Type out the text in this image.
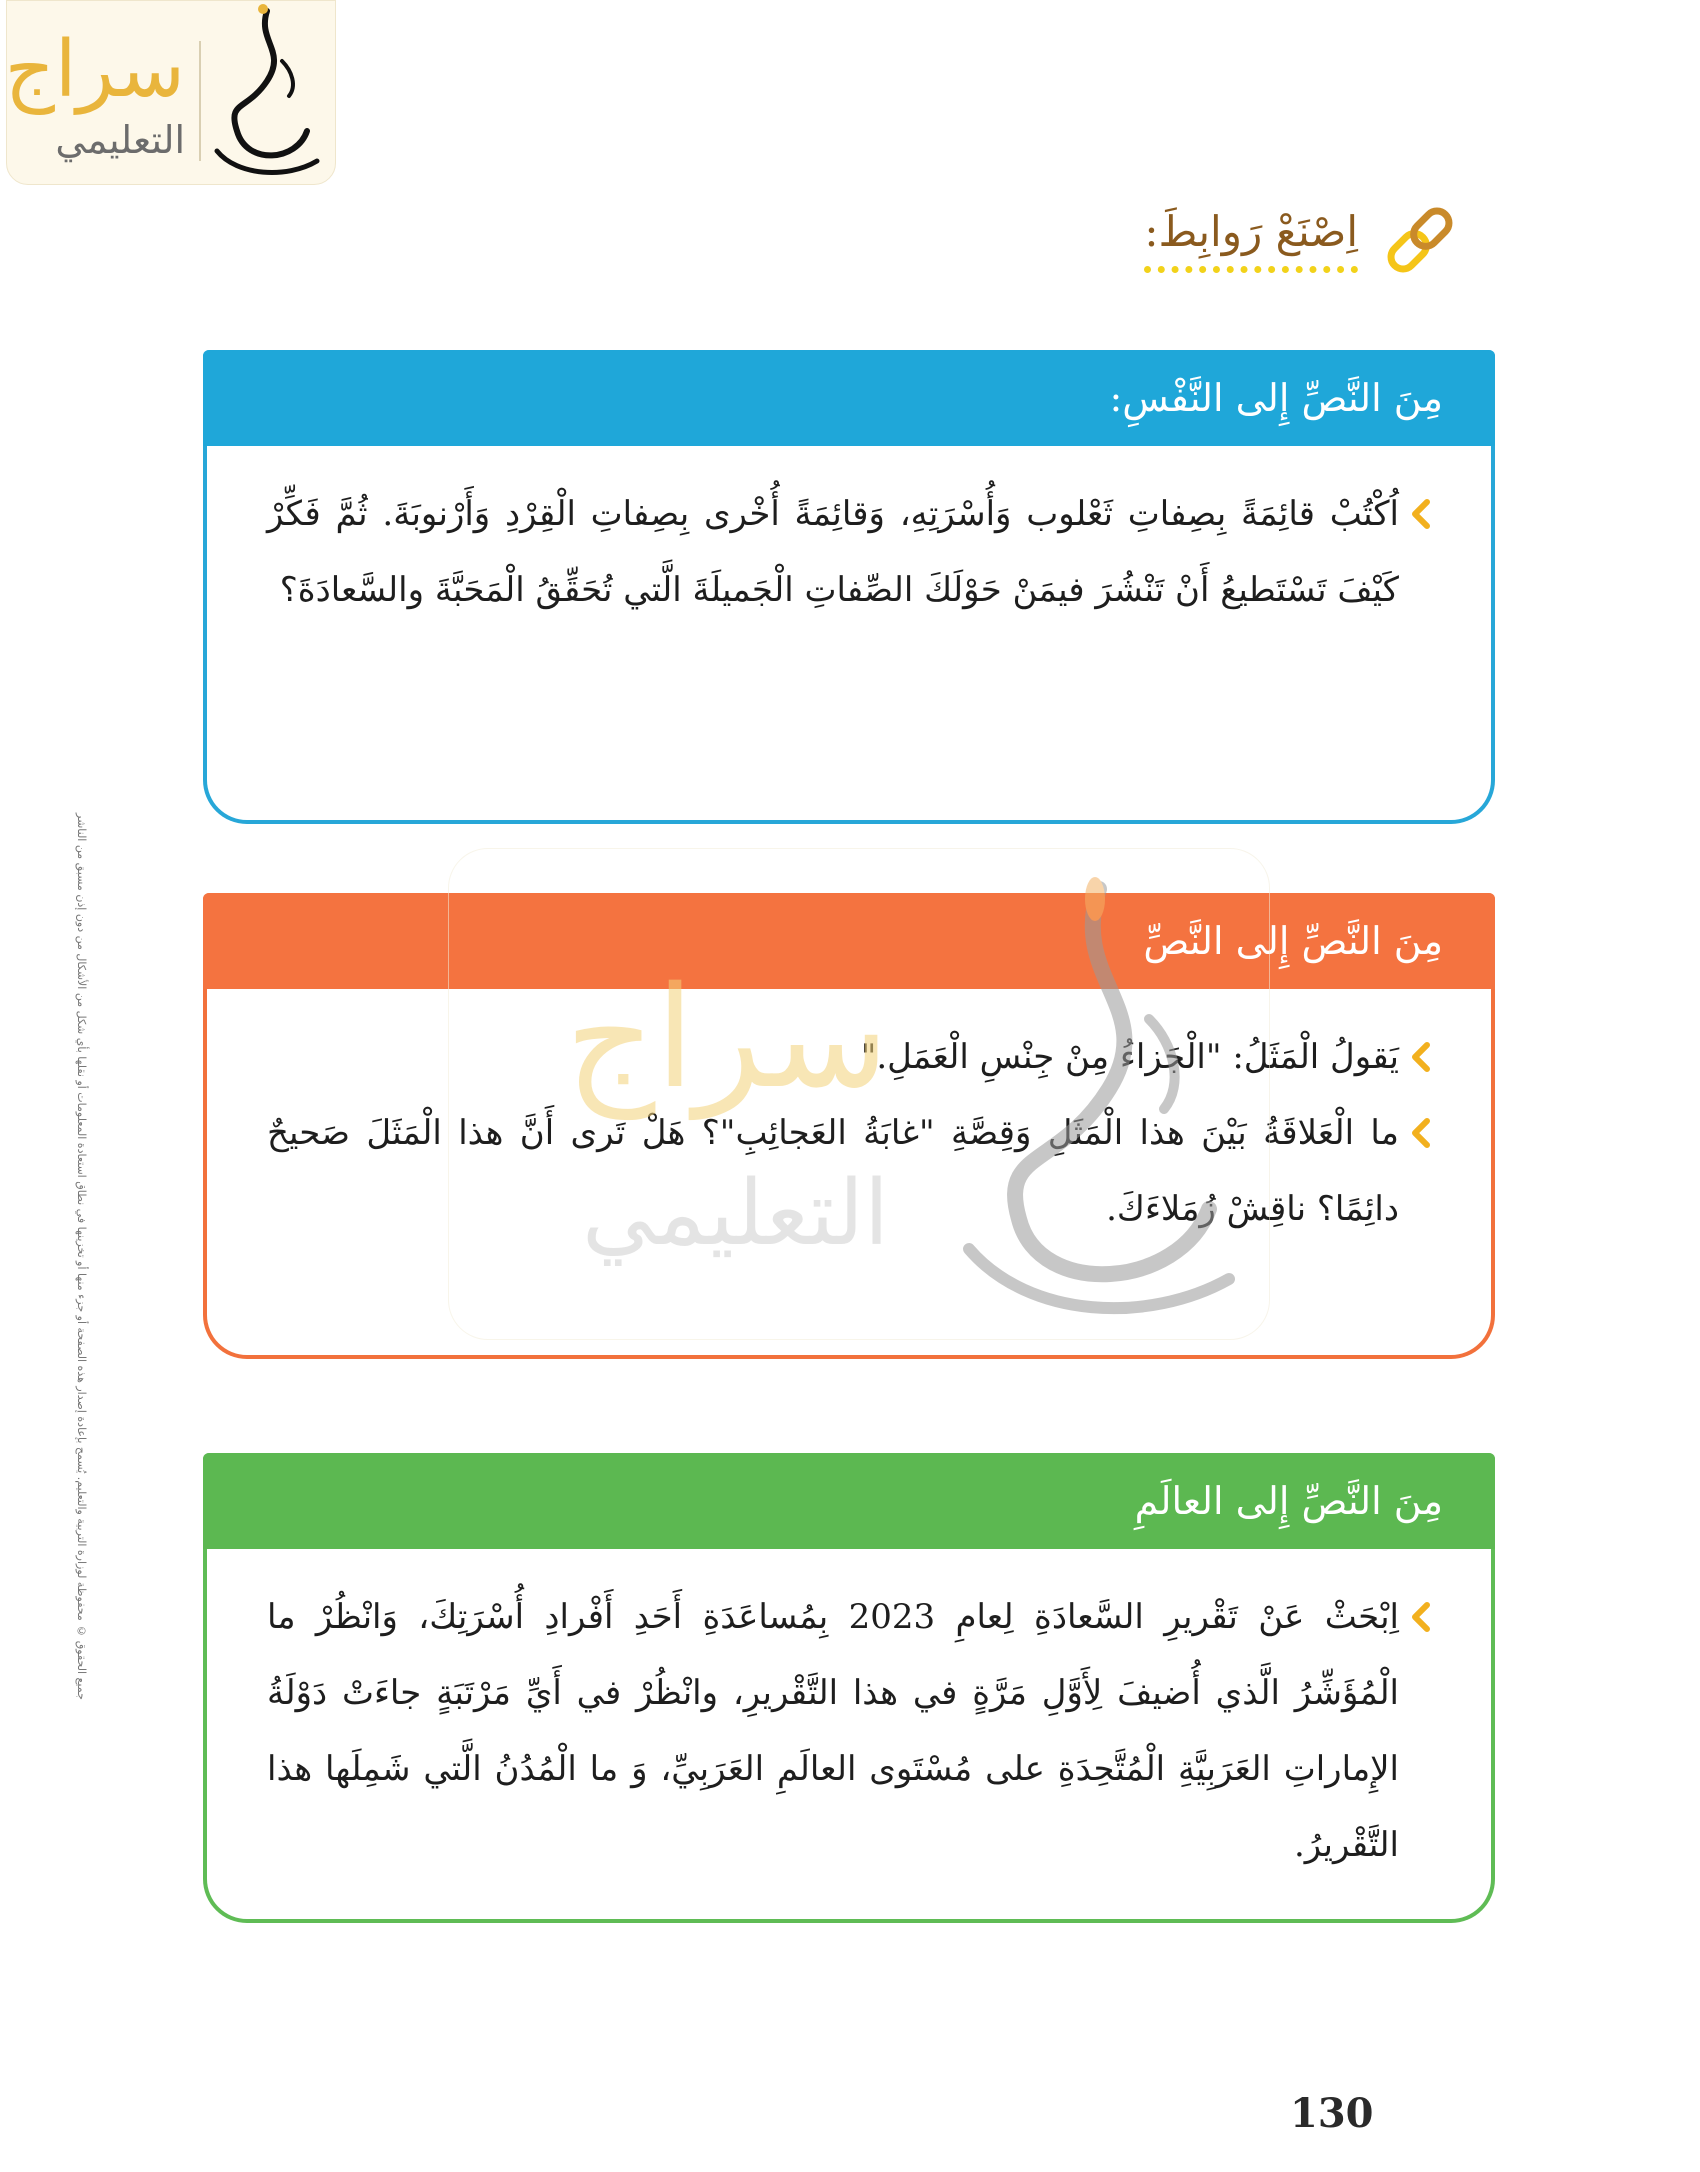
سراج
التعليمي
اِصْنَعْ رَوابِطَ:
مِنَ النَّصِّ إِلى النَّفْسِ:
اُكْتُبْ قائِمَةً بِصِفاتِ ثَعْلوب وَأُسْرَتِهِ، وَقائِمَةً أُخْرى بِصِفاتِ الْقِرْدِ وَأَرْنوبَةَ. ثُمَّ فَكِّرْ كَيْفَ تَسْتَطيعُ أَنْ تَنْشُرَ فيمَنْ حَوْلَكَ الصِّفاتِ الْجَميلَةَ الَّتي تُحَقِّقُ الْمَحَبَّةَ والسَّعادَةَ؟
مِنَ النَّصِّ إِلى النَّصِّ
يَقولُ الْمَثَلُ: "الْجَزاءُ مِنْ جِنْسِ الْعَمَلِ."
ما الْعَلاقَةُ بَيْنَ هذا الْمَثَلِ وَقِصَّةِ "غابَةُ العَجائِبِ"؟ هَلْ تَرى أَنَّ هذا الْمَثَلَ صَحيحٌ دائِمًا؟ ناقِشْ زُمَلاءَكَ.
مِنَ النَّصِّ إِلى العالَمِ
اِبْحَثْ عَنْ تَقْريرِ السَّعادَةِ لِعامِ 2023 بِمُساعَدَةِ أَحَدِ أَفْرادِ أُسْرَتِكَ، وَانْظُرْ ما الْمُؤَشِّرُ الَّذي أُضيفَ لِأَوَّلِ مَرَّةٍ في هذا التَّقْريرِ، وانْظُرْ في أَيِّ مَرْتَبَةٍ جاءَتْ دَوْلَةُ الإِماراتِ العَرَبِيَّةِ الْمُتَّحِدَةِ على مُسْتَوى العالَمِ العَرَبِيِّ، وَ ما الْمُدُنُ الَّتي شَمِلَها هذا التَّقْريرُ.
سراج
التعليمي
جميع الحقوق © محفوظة لوزارة التربية والتعليم. يُسمح بإعادة إصدار هذه الصفحة أو جزء منها أو تخزينها في نطاق استعادة المعلومات أو نقلها بأي شكل من الأشكال من دون إذن مسبق من الناشر
130
